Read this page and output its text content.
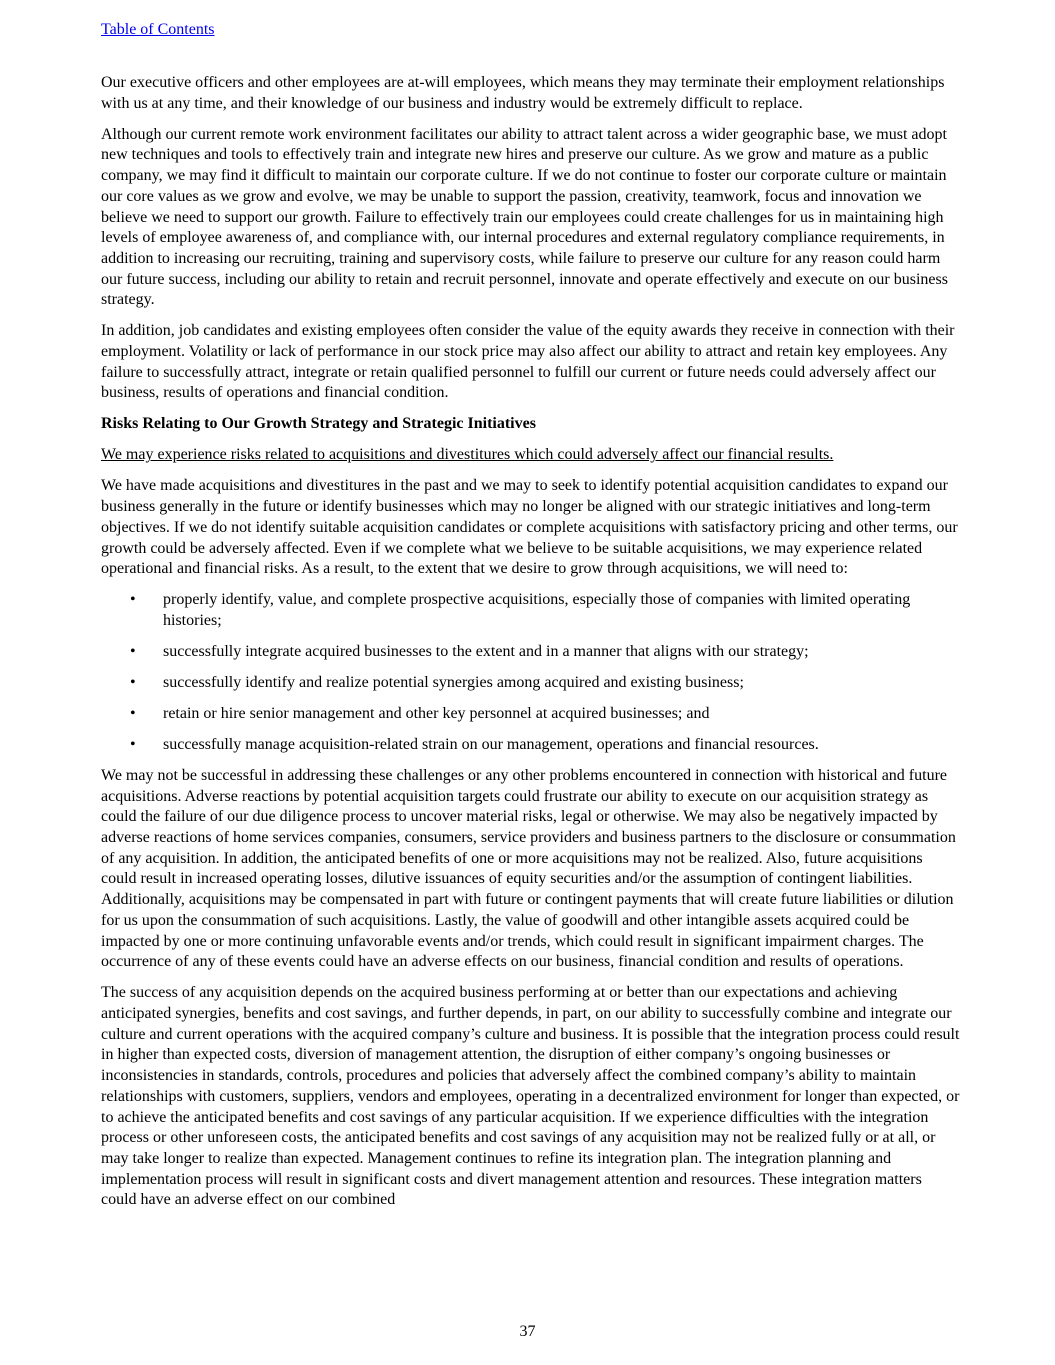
Table of Contents

Our executive officers and other employees are at-will employees, which means they may terminate their employment relationships with us at any time, and their knowledge of our business and industry would be extremely difficult to replace.

Although our current remote work environment facilitates our ability to attract talent across a wider geographic base, we must adopt new techniques and tools to effectively train and integrate new hires and preserve our culture. As we grow and mature as a public company, we may find it difficult to maintain our corporate culture. If we do not continue to foster our corporate culture or maintain our core values as we grow and evolve, we may be unable to support the passion, creativity, teamwork, focus and innovation we believe we need to support our growth. Failure to effectively train our employees could create challenges for us in maintaining high levels of employee awareness of, and compliance with, our internal procedures and external regulatory compliance requirements, in addition to increasing our recruiting, training and supervisory costs, while failure to preserve our culture for any reason could harm our future success, including our ability to retain and recruit personnel, innovate and operate effectively and execute on our business strategy.

In addition, job candidates and existing employees often consider the value of the equity awards they receive in connection with their employment. Volatility or lack of performance in our stock price may also affect our ability to attract and retain key employees. Any failure to successfully attract, integrate or retain qualified personnel to fulfill our current or future needs could adversely affect our business, results of operations and financial condition.

Risks Relating to Our Growth Strategy and Strategic Initiatives

We may experience risks related to acquisitions and divestitures which could adversely affect our financial results.

We have made acquisitions and divestitures in the past and we may to seek to identify potential acquisition candidates to expand our business generally in the future or identify businesses which may no longer be aligned with our strategic initiatives and long-term objectives. If we do not identify suitable acquisition candidates or complete acquisitions with satisfactory pricing and other terms, our growth could be adversely affected. Even if we complete what we believe to be suitable acquisitions, we may experience related operational and financial risks. As a result, to the extent that we desire to grow through acquisitions, we will need to:

• properly identify, value, and complete prospective acquisitions, especially those of companies with limited operating histories;
• successfully integrate acquired businesses to the extent and in a manner that aligns with our strategy;
• successfully identify and realize potential synergies among acquired and existing business;
• retain or hire senior management and other key personnel at acquired businesses; and
• successfully manage acquisition-related strain on our management, operations and financial resources.

We may not be successful in addressing these challenges or any other problems encountered in connection with historical and future acquisitions. Adverse reactions by potential acquisition targets could frustrate our ability to execute on our acquisition strategy as could the failure of our due diligence process to uncover material risks, legal or otherwise. We may also be negatively impacted by adverse reactions of home services companies, consumers, service providers and business partners to the disclosure or consummation of any acquisition. In addition, the anticipated benefits of one or more acquisitions may not be realized. Also, future acquisitions could result in increased operating losses, dilutive issuances of equity securities and/or the assumption of contingent liabilities. Additionally, acquisitions may be compensated in part with future or contingent payments that will create future liabilities or dilution for us upon the consummation of such acquisitions. Lastly, the value of goodwill and other intangible assets acquired could be impacted by one or more continuing unfavorable events and/or trends, which could result in significant impairment charges. The occurrence of any of these events could have an adverse effects on our business, financial condition and results of operations.

The success of any acquisition depends on the acquired business performing at or better than our expectations and achieving anticipated synergies, benefits and cost savings, and further depends, in part, on our ability to successfully combine and integrate our culture and current operations with the acquired company’s culture and business. It is possible that the integration process could result in higher than expected costs, diversion of management attention, the disruption of either company’s ongoing businesses or inconsistencies in standards, controls, procedures and policies that adversely affect the combined company’s ability to maintain relationships with customers, suppliers, vendors and employees, operating in a decentralized environment for longer than expected, or to achieve the anticipated benefits and cost savings of any particular acquisition. If we experience difficulties with the integration process or other unforeseen costs, the anticipated benefits and cost savings of any acquisition may not be realized fully or at all, or may take longer to realize than expected. Management continues to refine its integration plan. The integration planning and implementation process will result in significant costs and divert management attention and resources. These integration matters could have an adverse effect on our combined

37
